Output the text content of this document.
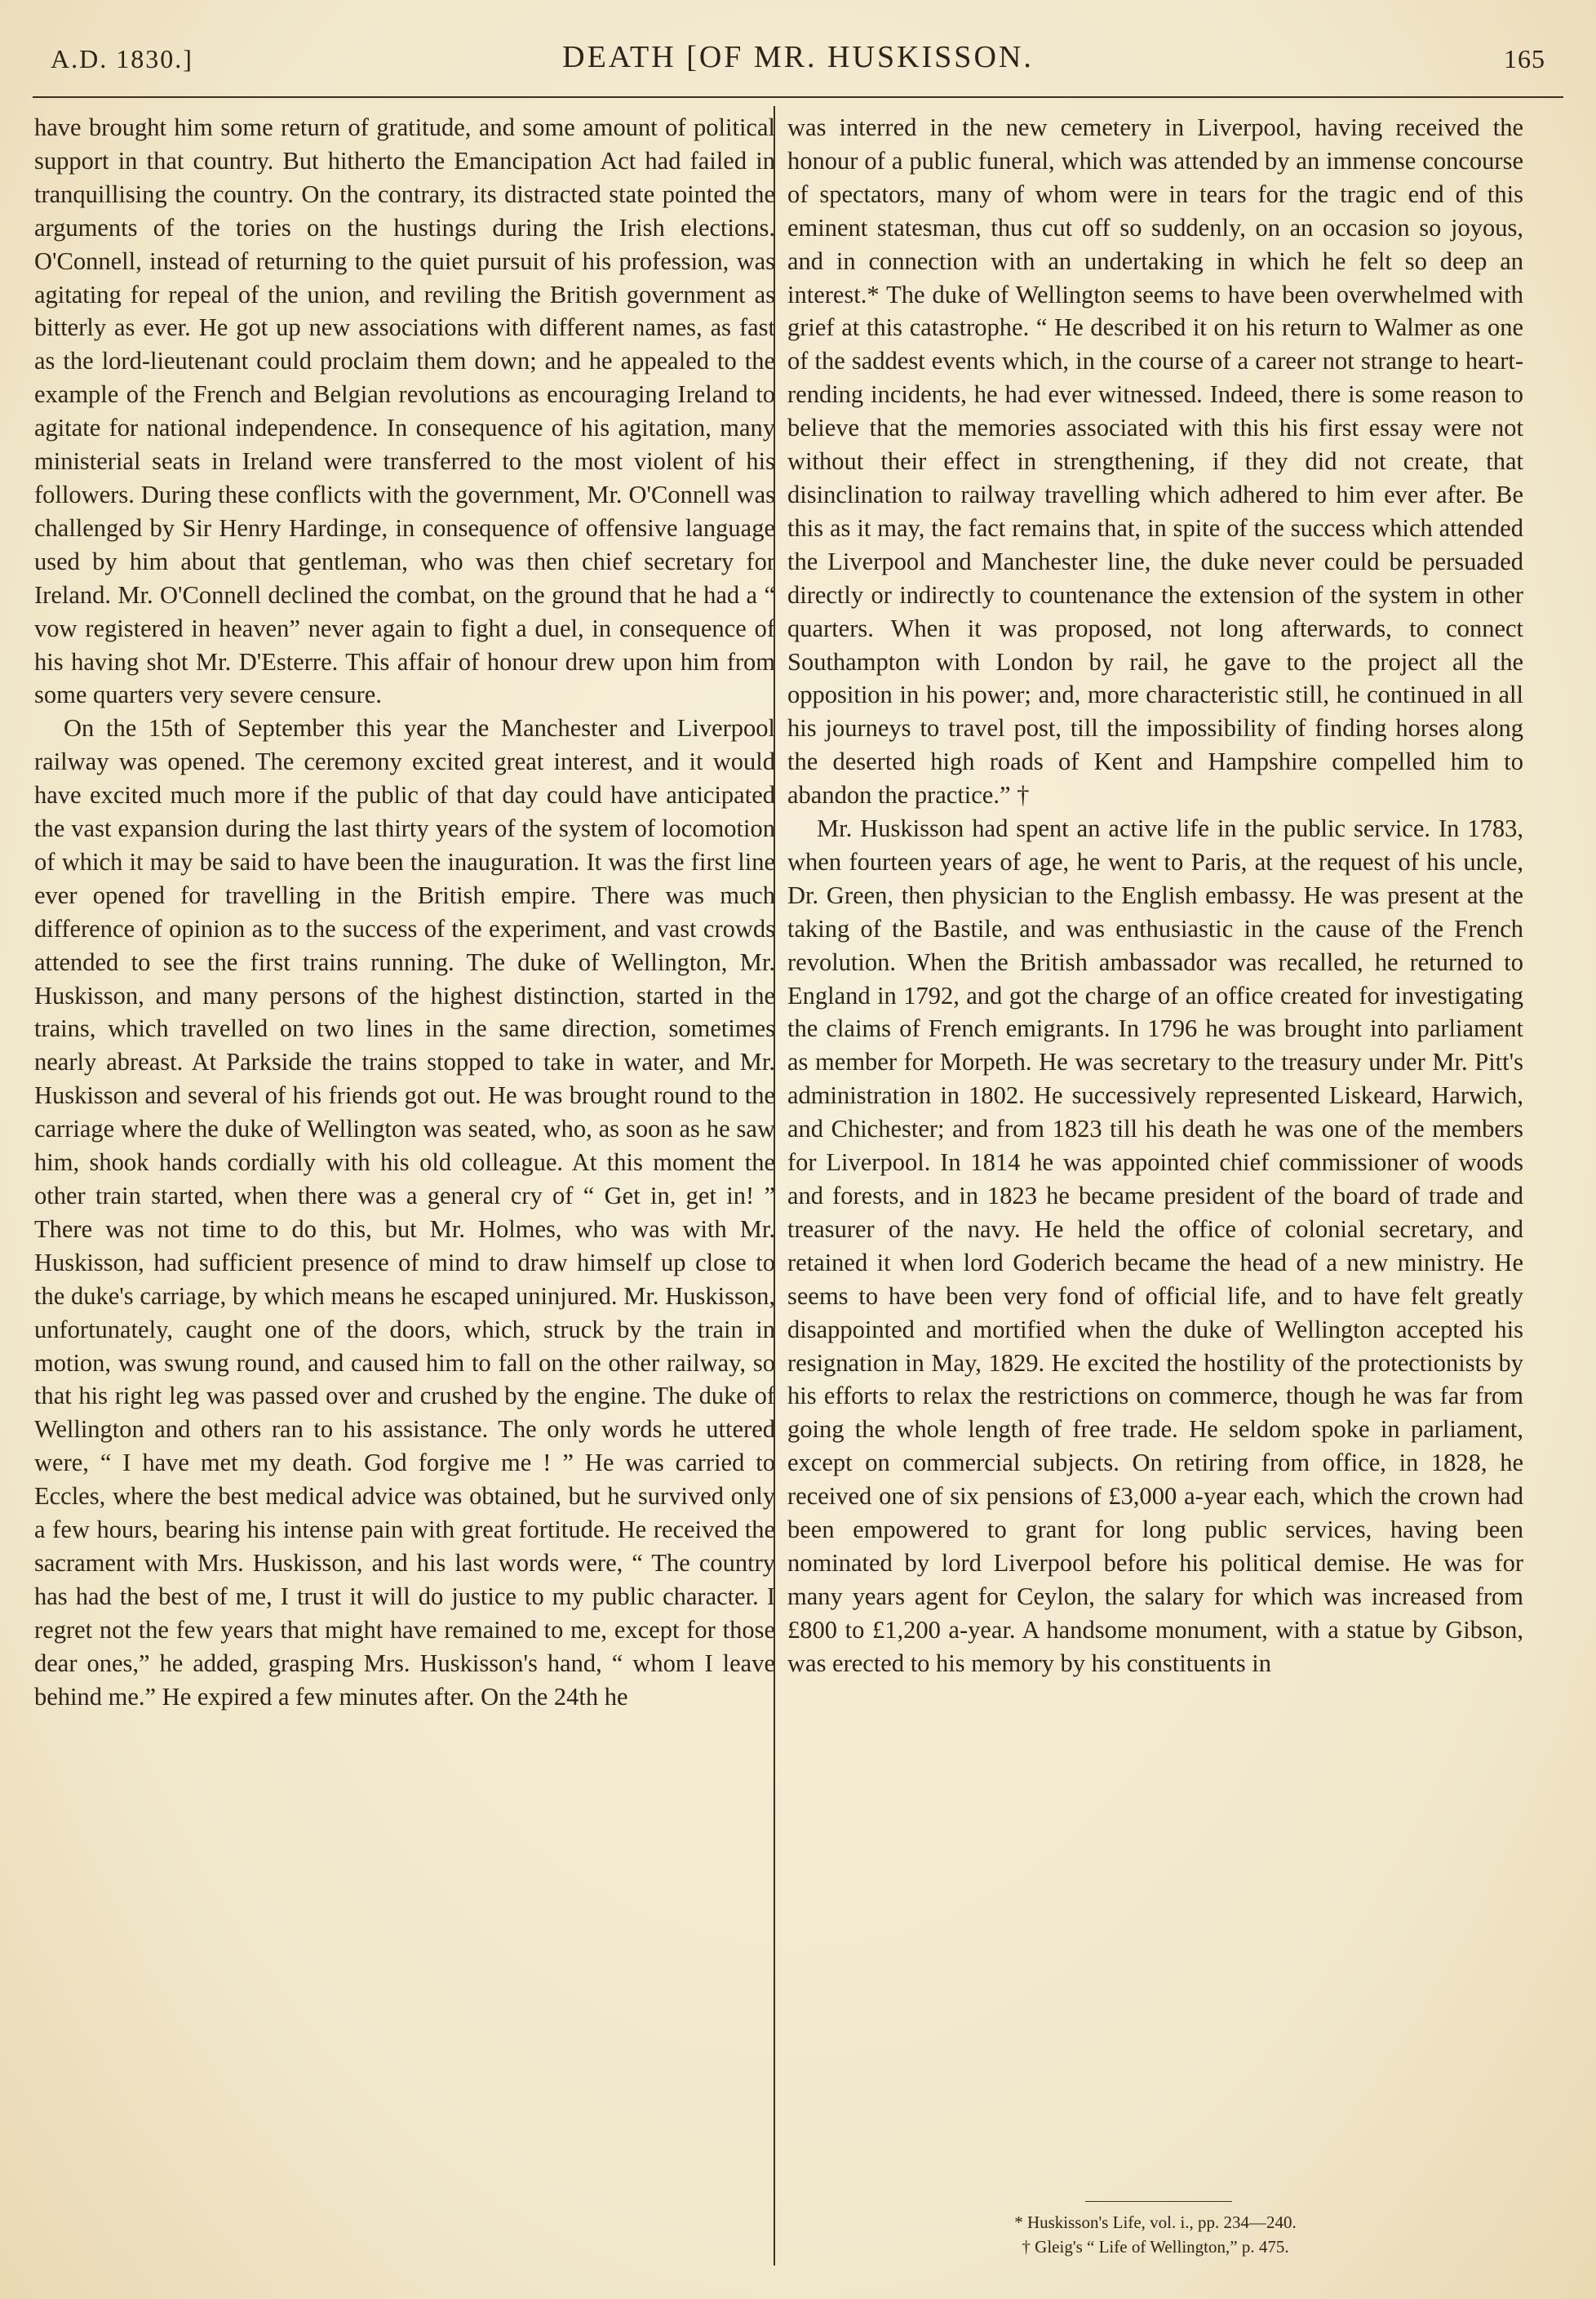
A.D. 1830.]	DEATH [OF MR. HUSKISSON.	165

have brought him some return of gratitude, and some amount of political support in that country. But hitherto the Emancipation Act had failed in tranquillising the country. On the contrary, its distracted state pointed the arguments of the tories on the hustings during the Irish elections. O'Connell, instead of returning to the quiet pursuit of his profession, was agitating for repeal of the union, and reviling the British government as bitterly as ever. He got up new associations with different names, as fast as the lord-lieutenant could proclaim them down; and he appealed to the example of the French and Belgian revolutions as encouraging Ireland to agitate for national independence. In consequence of his agitation, many ministerial seats in Ireland were transferred to the most violent of his followers. During these conflicts with the government, Mr. O'Connell was challenged by Sir Henry Hardinge, in consequence of offensive language used by him about that gentleman, who was then chief secretary for Ireland. Mr. O'Connell declined the combat, on the ground that he had a “ vow registered in heaven” never again to fight a duel, in consequence of his having shot Mr. D'Esterre. This affair of honour drew upon him from some quarters very severe censure.

On the 15th of September this year the Manchester and Liverpool railway was opened. The ceremony excited great interest, and it would have excited much more if the public of that day could have anticipated the vast expansion during the last thirty years of the system of locomotion of which it may be said to have been the inauguration. It was the first line ever opened for travelling in the British empire. There was much difference of opinion as to the success of the experiment, and vast crowds attended to see the first trains running. The duke of Wellington, Mr. Huskisson, and many persons of the highest distinction, started in the trains, which travelled on two lines in the same direction, sometimes nearly abreast. At Parkside the trains stopped to take in water, and Mr. Huskisson and several of his friends got out. He was brought round to the carriage where the duke of Wellington was seated, who, as soon as he saw him, shook hands cordially with his old colleague. At this moment the other train started, when there was a general cry of “ Get in, get in! ” There was not time to do this, but Mr. Holmes, who was with Mr. Huskisson, had sufficient presence of mind to draw himself up close to the duke's carriage, by which means he escaped uninjured. Mr. Huskisson, unfortunately, caught one of the doors, which, struck by the train in motion, was swung round, and caused him to fall on the other railway, so that his right leg was passed over and crushed by the engine. The duke of Wellington and others ran to his assistance. The only words he uttered were, “ I have met my death. God forgive me ! ” He was carried to Eccles, where the best medical advice was obtained, but he survived only a few hours, bearing his intense pain with great fortitude. He received the sacrament with Mrs. Huskisson, and his last words were, “ The country has had the best of me, I trust it will do justice to my public character. I regret not the few years that might have remained to me, except for those dear ones,” he added, grasping Mrs. Huskisson's hand, “ whom I leave behind me.” He expired a few minutes after. On the 24th he

was interred in the new cemetery in Liverpool, having received the honour of a public funeral, which was attended by an immense concourse of spectators, many of whom were in tears for the tragic end of this eminent statesman, thus cut off so suddenly, on an occasion so joyous, and in connection with an undertaking in which he felt so deep an interest.* The duke of Wellington seems to have been overwhelmed with grief at this catastrophe. “ He described it on his return to Walmer as one of the saddest events which, in the course of a career not strange to heart-rending incidents, he had ever witnessed. Indeed, there is some reason to believe that the memories associated with this his first essay were not without their effect in strengthening, if they did not create, that disinclination to railway travelling which adhered to him ever after. Be this as it may, the fact remains that, in spite of the success which attended the Liverpool and Manchester line, the duke never could be persuaded directly or indirectly to countenance the extension of the system in other quarters. When it was proposed, not long afterwards, to connect Southampton with London by rail, he gave to the project all the opposition in his power; and, more characteristic still, he continued in all his journeys to travel post, till the impossibility of finding horses along the deserted high roads of Kent and Hampshire compelled him to abandon the practice.” †

Mr. Huskisson had spent an active life in the public service. In 1783, when fourteen years of age, he went to Paris, at the request of his uncle, Dr. Green, then physician to the English embassy. He was present at the taking of the Bastile, and was enthusiastic in the cause of the French revolution. When the British ambassador was recalled, he returned to England in 1792, and got the charge of an office created for investigating the claims of French emigrants. In 1796 he was brought into parliament as member for Morpeth. He was secretary to the treasury under Mr. Pitt's administration in 1802. He successively represented Liskeard, Harwich, and Chichester; and from 1823 till his death he was one of the members for Liverpool. In 1814 he was appointed chief commissioner of woods and forests, and in 1823 he became president of the board of trade and treasurer of the navy. He held the office of colonial secretary, and retained it when lord Goderich became the head of a new ministry. He seems to have been very fond of official life, and to have felt greatly disappointed and mortified when the duke of Wellington accepted his resignation in May, 1829. He excited the hostility of the protectionists by his efforts to relax the restrictions on commerce, though he was far from going the whole length of free trade. He seldom spoke in parliament, except on commercial subjects. On retiring from office, in 1828, he received one of six pensions of £3,000 a-year each, which the crown had been empowered to grant for long public services, having been nominated by lord Liverpool before his political demise. He was for many years agent for Ceylon, the salary for which was increased from £800 to £1,200 a-year. A handsome monument, with a statue by Gibson, was erected to his memory by his constituents in

* Huskisson's Life, vol. i., pp. 234—240.
† Gleig's “ Life of Wellington,” p. 475.
